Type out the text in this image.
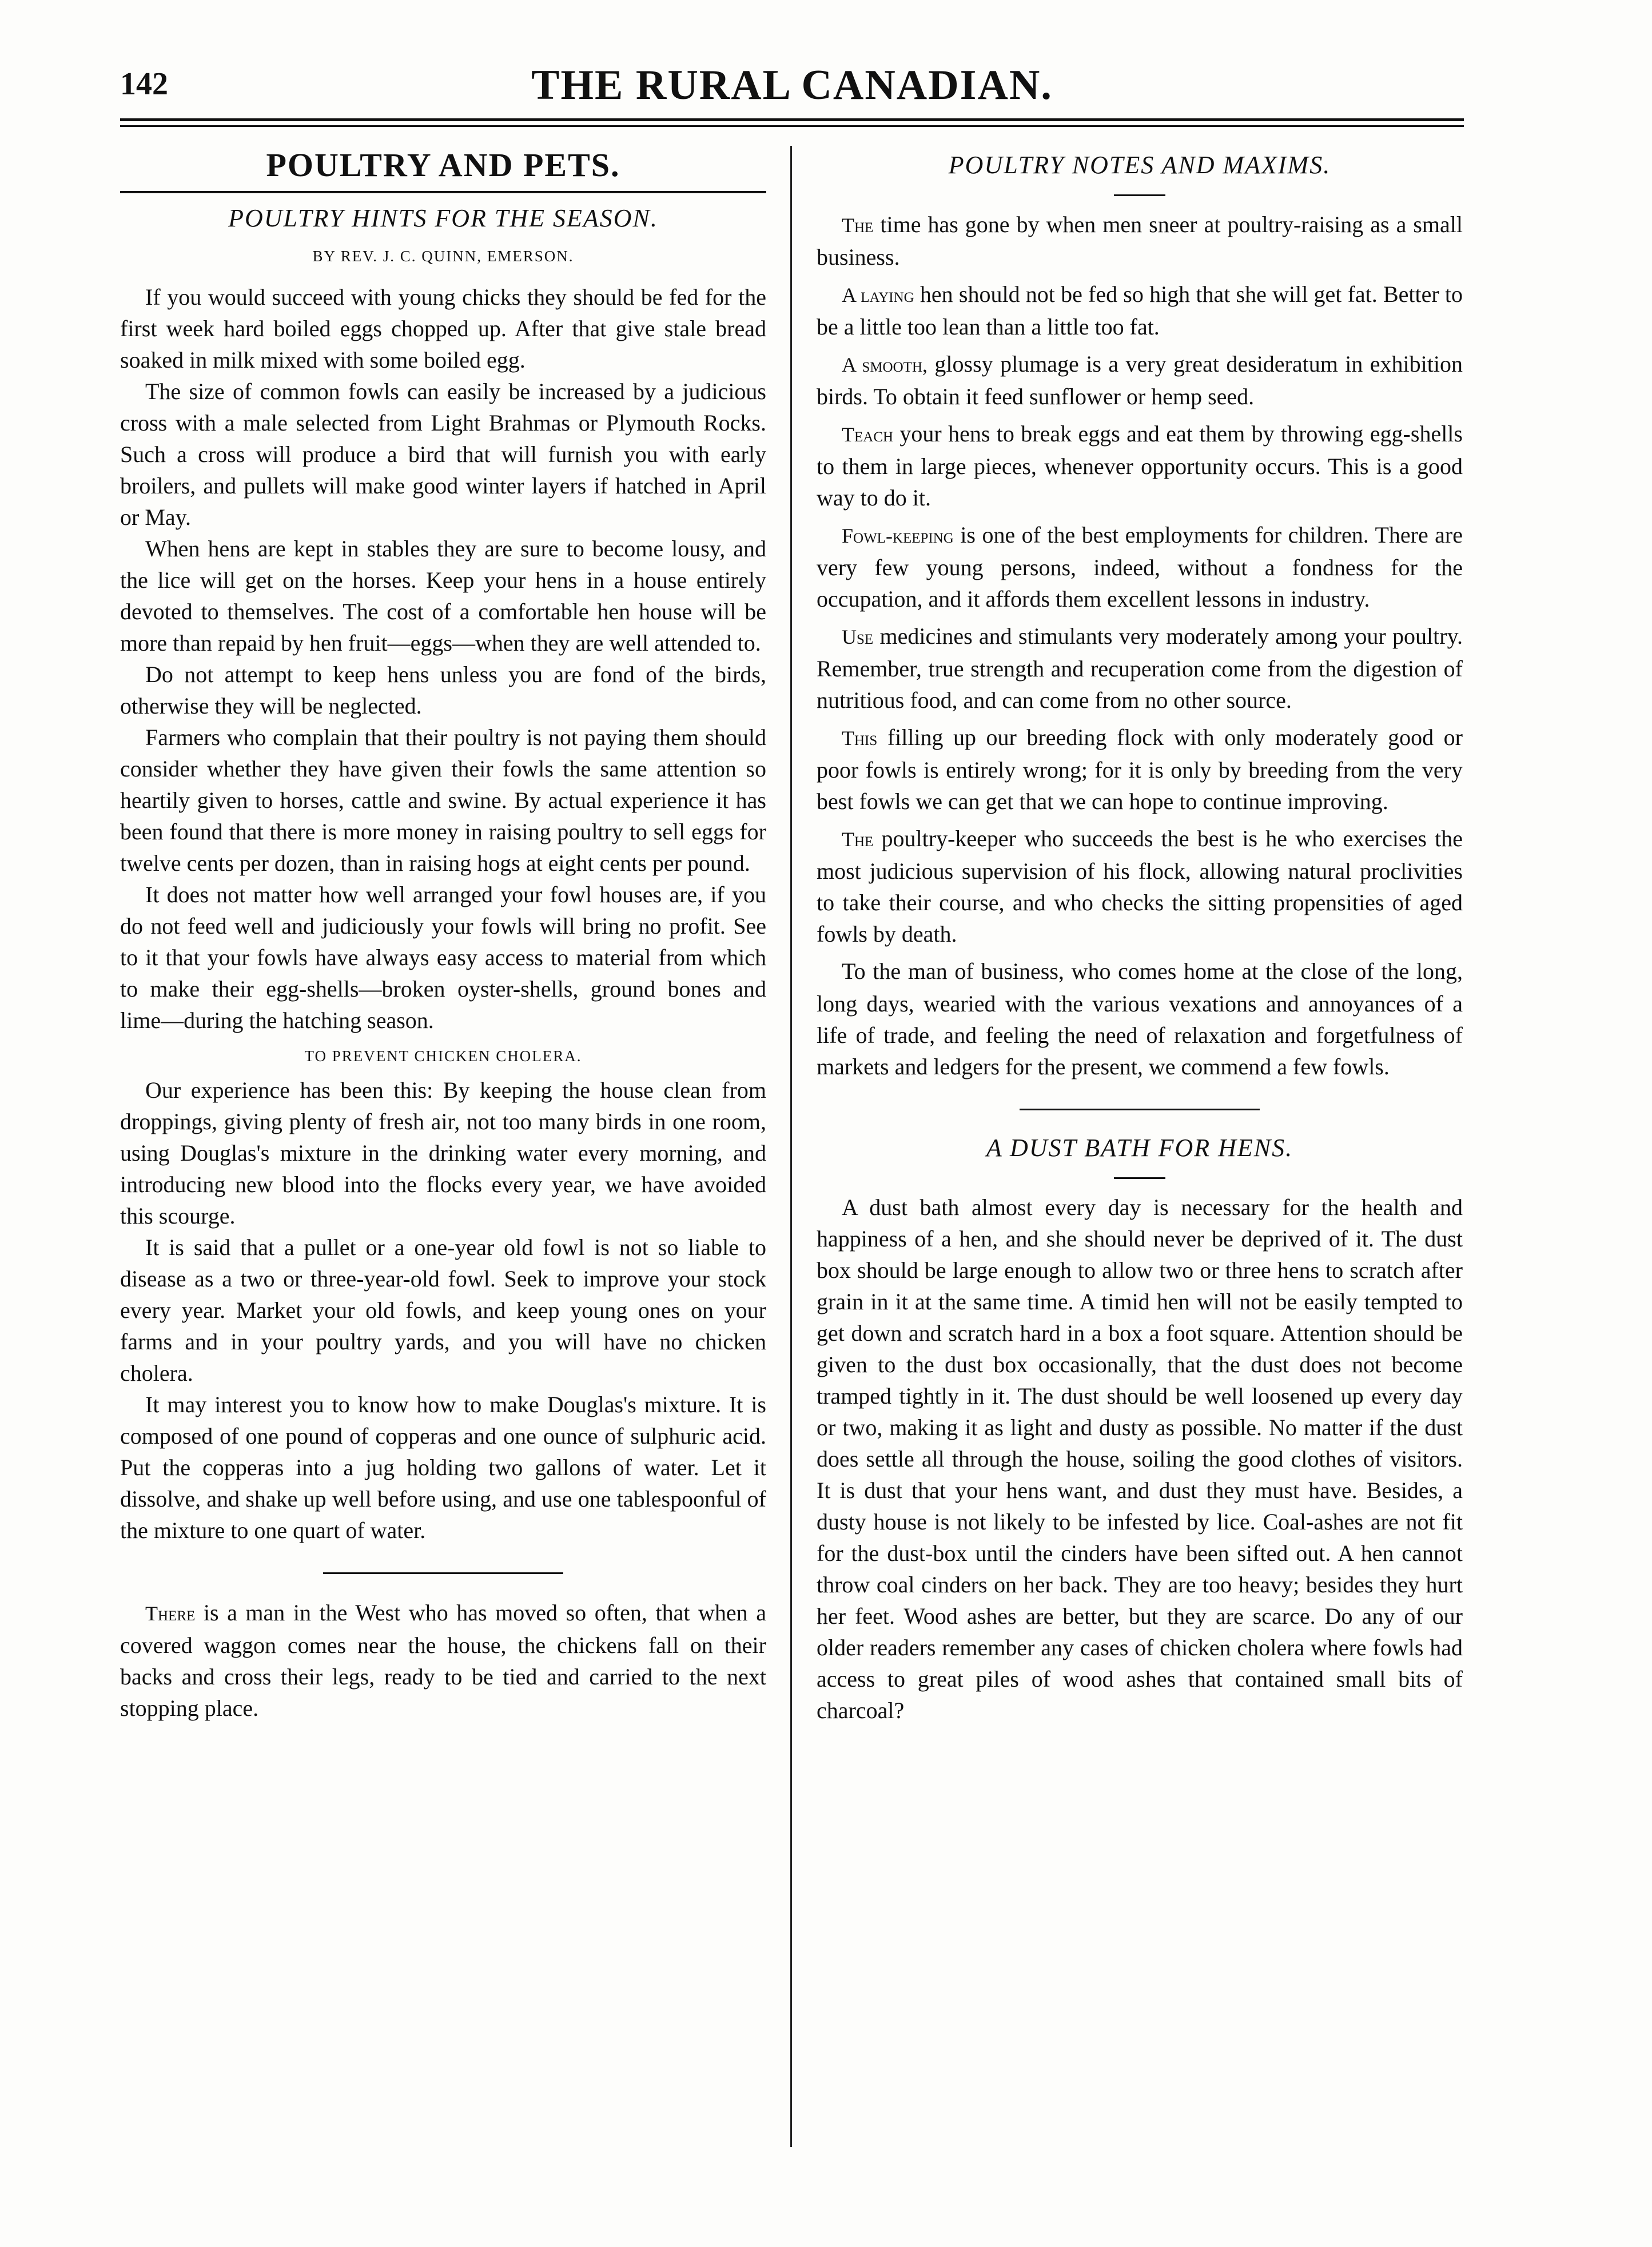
142	THE RURAL CANADIAN.
POULTRY AND PETS.
POULTRY HINTS FOR THE SEASON.
BY REV. J. C. QUINN, EMERSON.

If you would succeed with young chicks they should be fed for the first week hard boiled eggs chopped up. After that give stale bread soaked in milk mixed with some boiled egg.

The size of common fowls can easily be increased by a judicious cross with a male selected from Light Brahmas or Plymouth Rocks. Such a cross will produce a bird that will furnish you with early broilers, and pullets will make good winter layers if hatched in April or May.

When hens are kept in stables they are sure to become lousy, and the lice will get on the horses. Keep your hens in a house entirely devoted to themselves. The cost of a comfortable hen house will be more than repaid by hen fruit—eggs—when they are well attended to.

Do not attempt to keep hens unless you are fond of the birds, otherwise they will be neglected.

Farmers who complain that their poultry is not paying them should consider whether they have given their fowls the same attention so heartily given to horses, cattle and swine. By actual experience it has been found that there is more money in raising poultry to sell eggs for twelve cents per dozen, than in raising hogs at eight cents per pound.

It does not matter how well arranged your fowl houses are, if you do not feed well and judiciously your fowls will bring no profit. See to it that your fowls have always easy access to material from which to make their egg-shells—broken oyster-shells, ground bones and lime—during the hatching season.

TO PREVENT CHICKEN CHOLERA.

Our experience has been this: By keeping the house clean from droppings, giving plenty of fresh air, not too many birds in one room, using Douglas's mixture in the drinking water every morning, and introducing new blood into the flocks every year, we have avoided this scourge.

It is said that a pullet or a one-year old fowl is not so liable to disease as a two or three-year-old fowl. Seek to improve your stock every year. Market your old fowls, and keep young ones on your farms and in your poultry yards, and you will have no chicken cholera.

It may interest you to know how to make Douglas's mixture. It is composed of one pound of copperas and one ounce of sulphuric acid. Put the copperas into a jug holding two gallons of water. Let it dissolve, and shake up well before using, and use one tablespoonful of the mixture to one quart of water.

There is a man in the West who has moved so often, that when a covered waggon comes near the house, the chickens fall on their backs and cross their legs, ready to be tied and carried to the next stopping place.

POULTRY NOTES AND MAXIMS.

The time has gone by when men sneer at poultry-raising as a small business.

A laying hen should not be fed so high that she will get fat. Better to be a little too lean than a little too fat.

A smooth, glossy plumage is a very great desideratum in exhibition birds. To obtain it feed sunflower or hemp seed.

Teach your hens to break eggs and eat them by throwing egg-shells to them in large pieces, whenever opportunity occurs. This is a good way to do it.

Fowl-keeping is one of the best employments for children. There are very few young persons, indeed, without a fondness for the occupation, and it affords them excellent lessons in industry.

Use medicines and stimulants very moderately among your poultry. Remember, true strength and recuperation come from the digestion of nutritious food, and can come from no other source.

This filling up our breeding flock with only moderately good or poor fowls is entirely wrong; for it is only by breeding from the very best fowls we can get that we can hope to continue improving.

The poultry-keeper who succeeds the best is he who exercises the most judicious supervision of his flock, allowing natural proclivities to take their course, and who checks the sitting propensities of aged fowls by death.

To the man of business, who comes home at the close of the long, long days, wearied with the various vexations and annoyances of a life of trade, and feeling the need of relaxation and forgetfulness of markets and ledgers for the present, we commend a few fowls.

A DUST BATH FOR HENS.

A dust bath almost every day is necessary for the health and happiness of a hen, and she should never be deprived of it. The dust box should be large enough to allow two or three hens to scratch after grain in it at the same time. A timid hen will not be easily tempted to get down and scratch hard in a box a foot square. Attention should be given to the dust box occasionally, that the dust does not become tramped tightly in it. The dust should be well loosened up every day or two, making it as light and dusty as possible. No matter if the dust does settle all through the house, soiling the good clothes of visitors. It is dust that your hens want, and dust they must have. Besides, a dusty house is not likely to be infested by lice. Coal-ashes are not fit for the dust-box until the cinders have been sifted out. A hen cannot throw coal cinders on her back. They are too heavy; besides they hurt her feet. Wood ashes are better, but they are scarce. Do any of our older readers remember any cases of chicken cholera where fowls had access to great piles of wood ashes that contained small bits of charcoal?
